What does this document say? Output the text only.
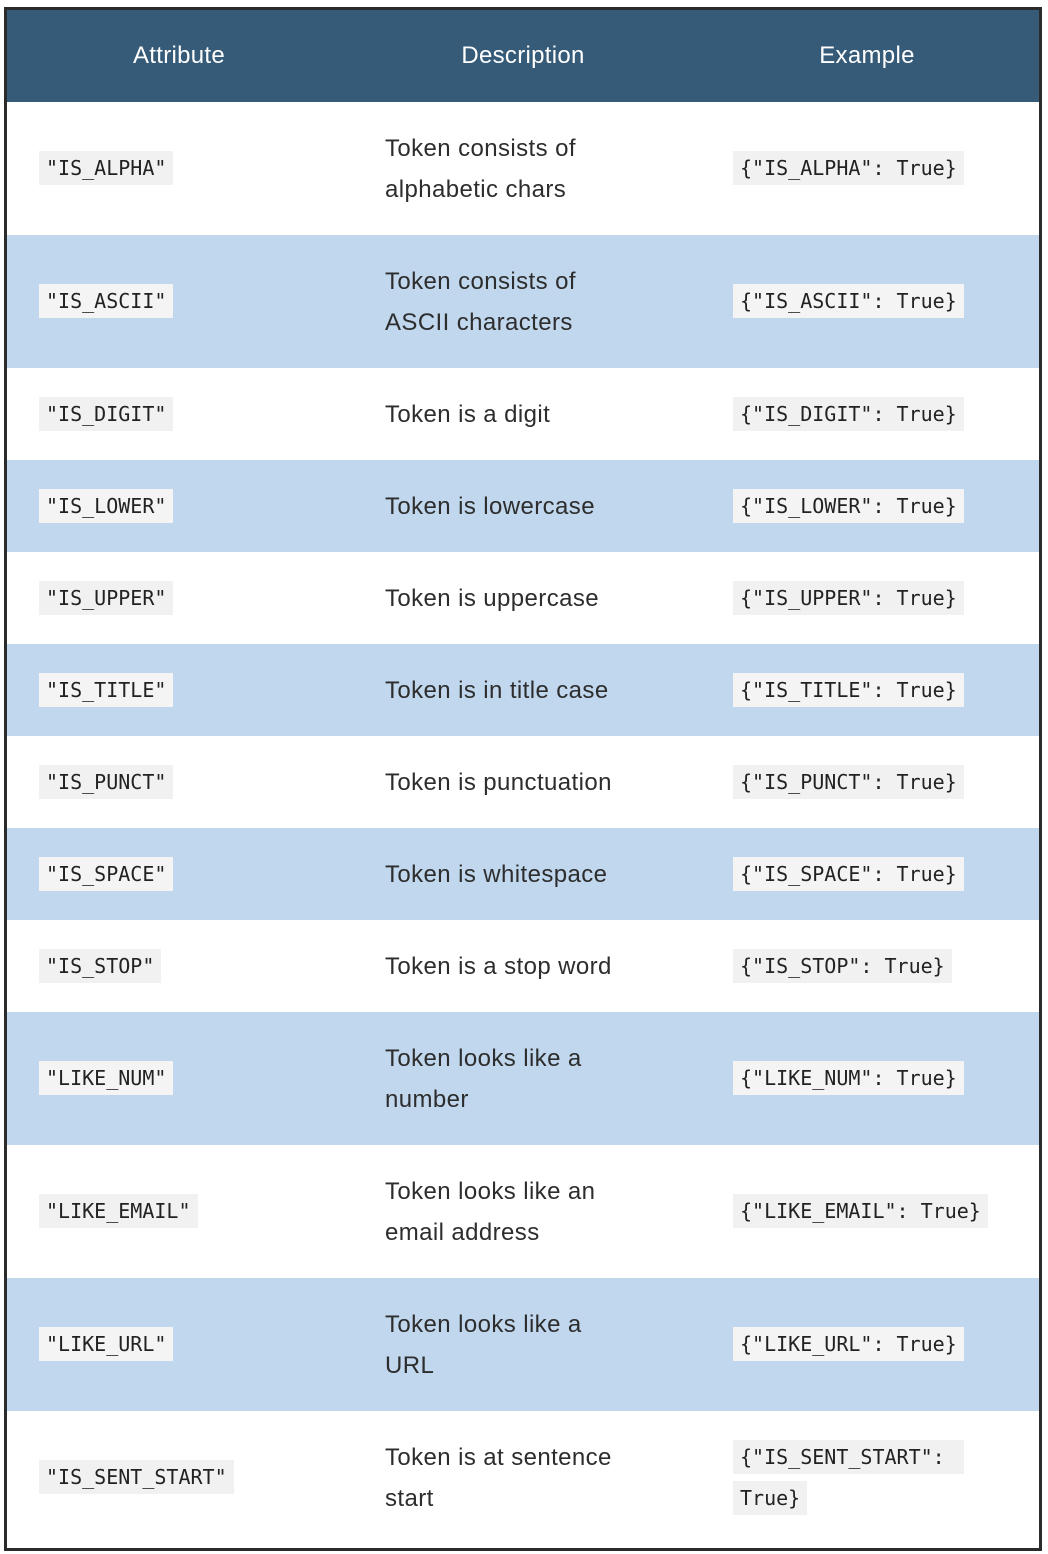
Attribute	Description	Example
"IS_ALPHA"	Token consists of alphabetic chars	{"IS_ALPHA": True}
"IS_ASCII"	Token consists of ASCII characters	{"IS_ASCII": True}
"IS_DIGIT"	Token is a digit	{"IS_DIGIT": True}
"IS_LOWER"	Token is lowercase	{"IS_LOWER": True}
"IS_UPPER"	Token is uppercase	{"IS_UPPER": True}
"IS_TITLE"	Token is in title case	{"IS_TITLE": True}
"IS_PUNCT"	Token is punctuation	{"IS_PUNCT": True}
"IS_SPACE"	Token is whitespace	{"IS_SPACE": True}
"IS_STOP"	Token is a stop word	{"IS_STOP": True}
"LIKE_NUM"	Token looks like a number	{"LIKE_NUM": True}
"LIKE_EMAIL"	Token looks like an email address	{"LIKE_EMAIL": True}
"LIKE_URL"	Token looks like a URL	{"LIKE_URL": True}
"IS_SENT_START"	Token is at sentence start	{"IS_SENT_START": True}
